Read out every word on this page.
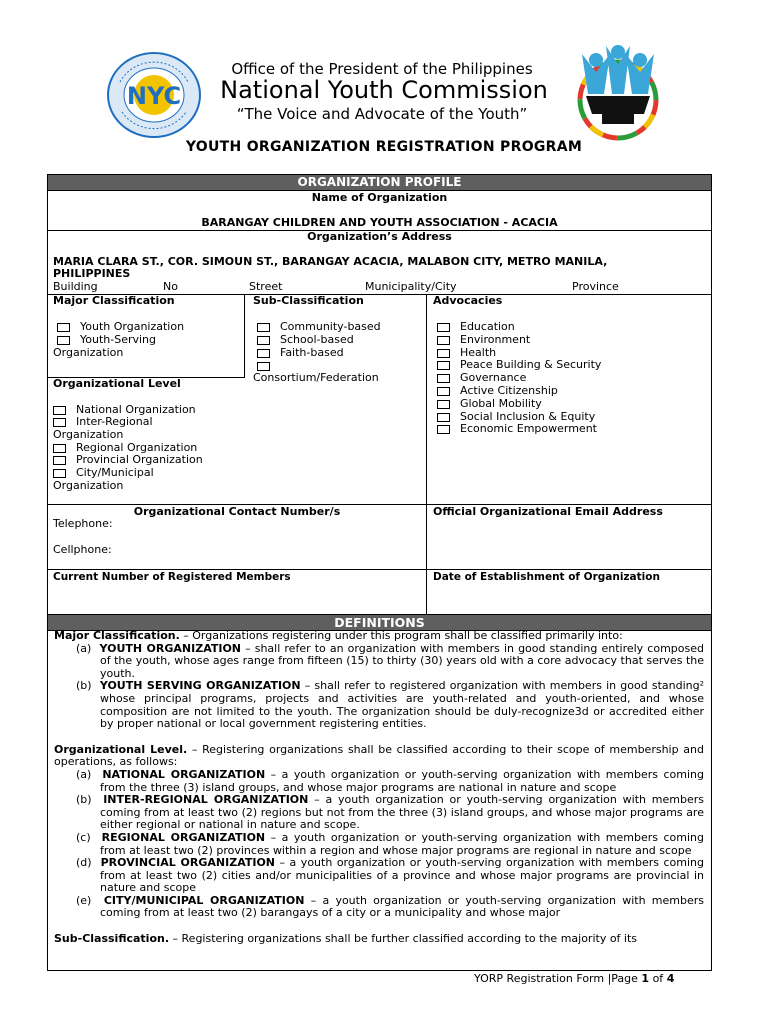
NYC
Office of the President of the Philippines
National Youth Commission
“The Voice and Advocate of the Youth”
YOUTH ORGANIZATION REGISTRATION PROGRAM
ORGANIZATION PROFILE
Name of Organization
BARANGAY CHILDREN AND YOUTH ASSOCIATION - ACACIA
Organization’s Address
MARIA CLARA ST., COR. SIMOUN ST., BARANGAY ACACIA, MALABON CITY, METRO MANILA,
PHILIPPINES
Building	No	Street	Municipality/City	Province
Major Classification
Youth Organization
Youth-Serving
Organization
Sub-Classification
Community-based
School-based
Faith-based
Consortium/Federation
Advocacies
Education
Environment
Health
Peace Building & Security
Governance
Active Citizenship
Global Mobility
Social Inclusion & Equity
Economic Empowerment
Organizational Level
National Organization
Inter-Regional
Organization
Regional Organization
Provincial Organization
City/Municipal
Organization
Organizational Contact Number/s
Telephone:
Cellphone:
Official Organizational Email Address
Current Number of Registered Members	Date of Establishment of Organization
DEFINITIONS

Major Classification. – Organizations registering under this program shall be classified primarily into:

(a) YOUTH ORGANIZATION – shall refer to an organization with members in good standing entirely composed of the youth, whose ages range from fifteen (15) to thirty (30) years old with a core advocacy that serves the youth.

(b) YOUTH SERVING ORGANIZATION – shall refer to registered organization with members in good standing² whose principal programs, projects and activities are youth-related and youth-oriented, and whose composition are not limited to the youth. The organization should be duly-recognize3d or accredited either by proper national or local government registering entities.

Organizational Level. – Registering organizations shall be classified according to their scope of membership and operations, as follows:

(a) NATIONAL ORGANIZATION – a youth organization or youth-serving organization with members coming from the three (3) island groups, and whose major programs are national in nature and scope

(b) INTER-REGIONAL ORGANIZATION – a youth organization or youth-serving organization with members coming from at least two (2) regions but not from the three (3) island groups, and whose major programs are either regional or national in nature and scope.

(c) REGIONAL ORGANIZATION – a youth organization or youth-serving organization with members coming from at least two (2) provinces within a region and whose major programs are regional in nature and scope

(d) PROVINCIAL ORGANIZATION – a youth organization or youth-serving organization with members coming from at least two (2) cities and/or municipalities of a province and whose major programs are provincial in nature and scope

(e) CITY/MUNICIPAL ORGANIZATION – a youth organization or youth-serving organization with members coming from at least two (2) barangays of a city or a municipality and whose major

Sub-Classification. – Registering organizations shall be further classified according to the majority of its

YORP Registration Form |Page 1 of 4
